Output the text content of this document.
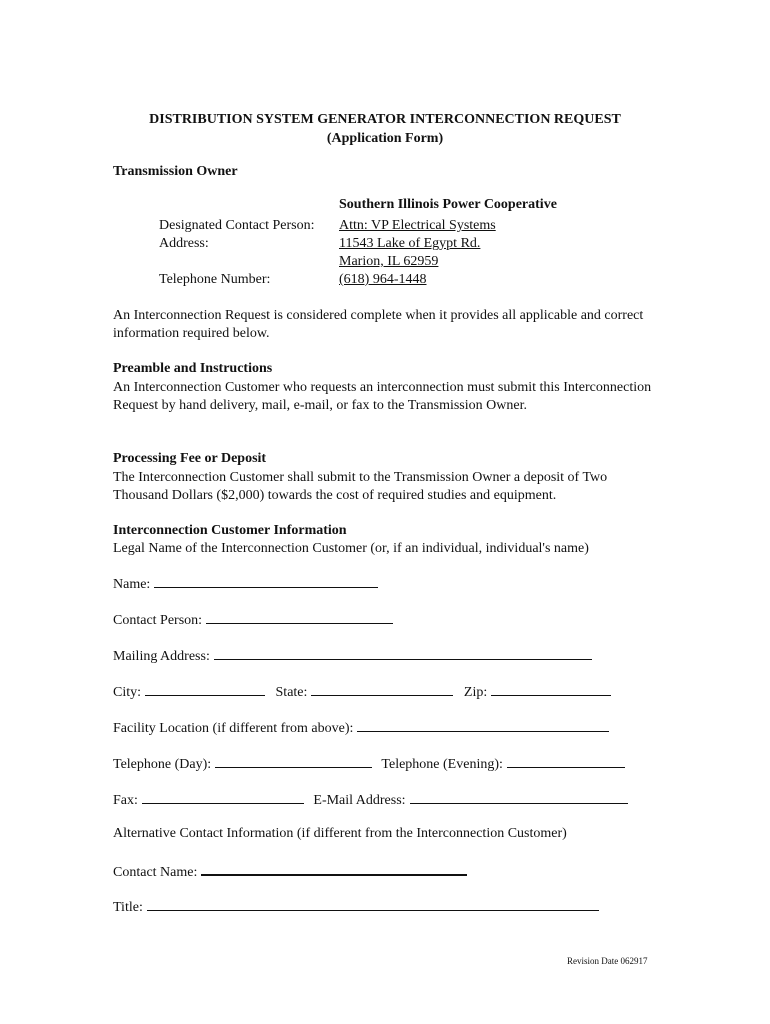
DISTRIBUTION SYSTEM GENERATOR INTERCONNECTION REQUEST
(Application Form)
Transmission Owner
Southern Illinois Power Cooperative
Designated Contact Person: Attn: VP Electrical Systems
Address:	11543 Lake of Egypt Rd.
Marion, IL 62959
Telephone Number:	(618) 964-1448
An Interconnection Request is considered complete when it provides all applicable and correct information required below.
Preamble and Instructions
An Interconnection Customer who requests an interconnection must submit this Interconnection Request by hand delivery, mail, e-mail, or fax to the Transmission Owner.
Processing Fee or Deposit
The Interconnection Customer shall submit to the Transmission Owner a deposit of Two Thousand Dollars ($2,000) towards the cost of required studies and equipment.
Interconnection Customer Information
Legal Name of the Interconnection Customer (or, if an individual, individual's name)
Name:
Contact Person:
Mailing Address:
City:	State:	Zip:
Facility Location (if different from above):
Telephone (Day):	Telephone (Evening):
Fax:	E-Mail Address:
Alternative Contact Information (if different from the Interconnection Customer)
Contact Name:
Title:
Revision Date 062917
